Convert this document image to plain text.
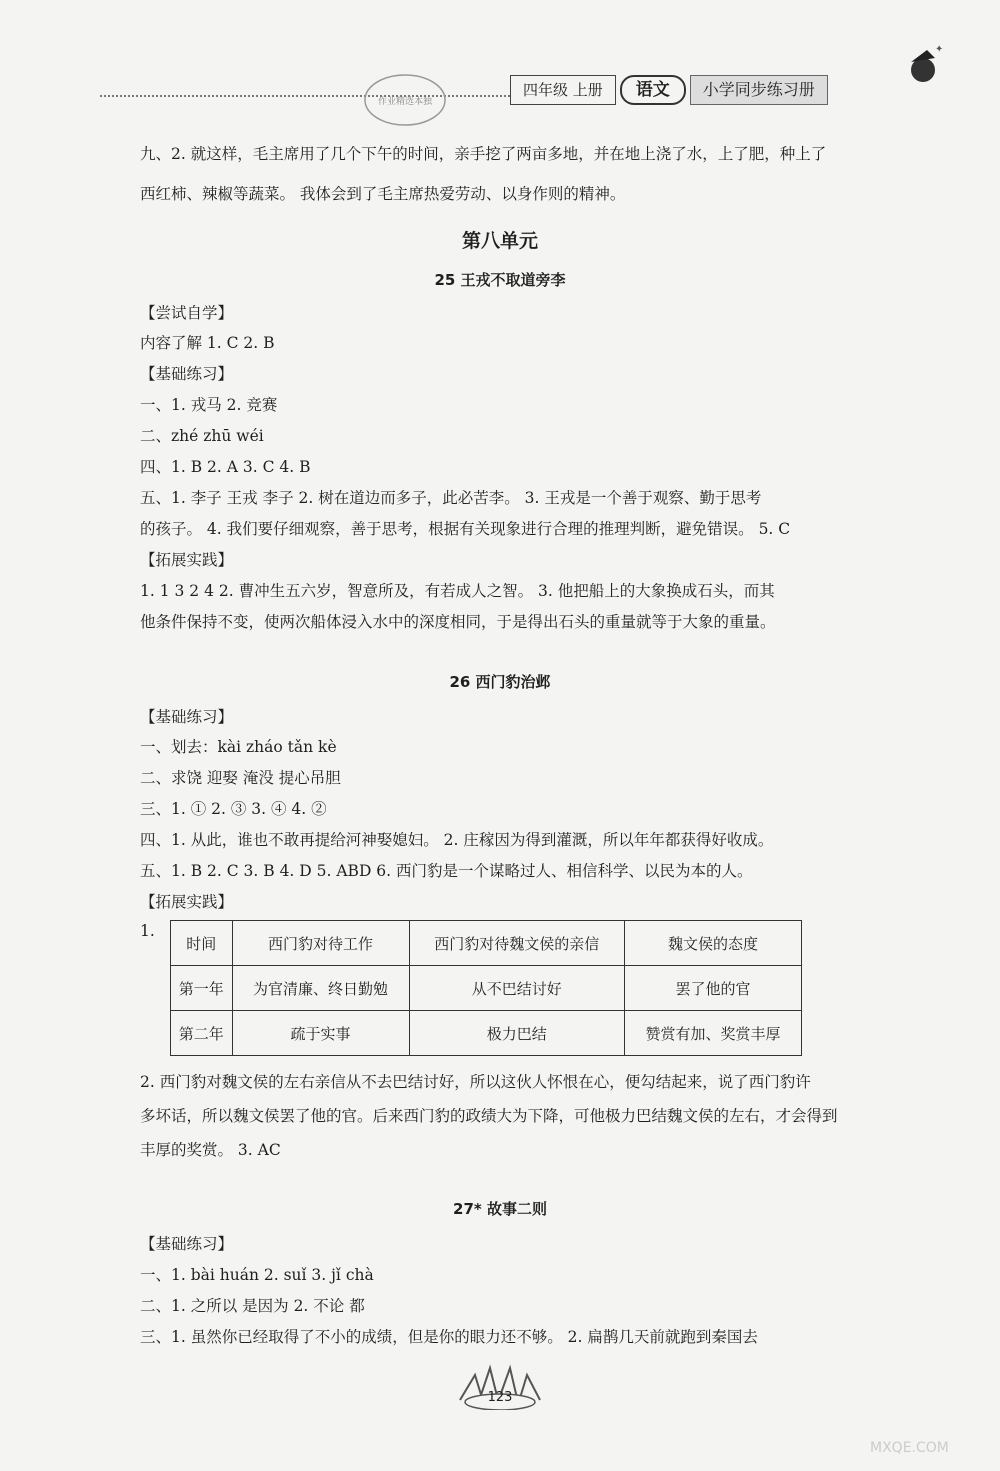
作业精选本独
四年级 上册	语文	小学同步练习册
✦
九、2. 就这样，毛主席用了几个下午的时间，亲手挖了两亩多地，并在地上浇了水，上了肥，种上了
西红柿、辣椒等蔬菜。 我体会到了毛主席热爱劳动、以身作则的精神。
第八单元
25 王戎不取道旁李
【尝试自学】
内容了解 1. C 2. B
【基础练习】
一、1. 戎马 2. 竞赛
二、zhé zhū wéi
四、1. B 2. A 3. C 4. B
五、1. 李子 王戎 李子 2. 树在道边而多子，此必苦李。 3. 王戎是一个善于观察、勤于思考
的孩子。 4. 我们要仔细观察，善于思考，根据有关现象进行合理的推理判断，避免错误。 5. C
【拓展实践】
1. 1 3 2 4 2. 曹冲生五六岁，智意所及，有若成人之智。 3. 他把船上的大象换成石头，而其
他条件保持不变，使两次船体浸入水中的深度相同，于是得出石头的重量就等于大象的重量。
26 西门豹治邺
【基础练习】
一、划去：kài zháo tǎn kè
二、求饶 迎娶 淹没 提心吊胆
三、1. ① 2. ③ 3. ④ 4. ②
四、1. 从此，谁也不敢再提给河神娶媳妇。 2. 庄稼因为得到灌溉，所以年年都获得好收成。
五、1. B 2. C 3. B 4. D 5. ABD 6. 西门豹是一个谋略过人、相信科学、以民为本的人。
【拓展实践】
1.
时间	西门豹对待工作	西门豹对待魏文侯的亲信	魏文侯的态度
第一年	为官清廉、终日勤勉	从不巴结讨好	罢了他的官
第二年	疏于实事	极力巴结	赞赏有加、奖赏丰厚
2. 西门豹对魏文侯的左右亲信从不去巴结讨好，所以这伙人怀恨在心，便勾结起来，说了西门豹许
多坏话，所以魏文侯罢了他的官。后来西门豹的政绩大为下降，可他极力巴结魏文侯的左右，才会得到
丰厚的奖赏。 3. AC
27* 故事二则
【基础练习】
一、1. bài huán 2. suǐ 3. jǐ chà
二、1. 之所以 是因为 2. 不论 都
三、1. 虽然你已经取得了不小的成绩，但是你的眼力还不够。 2. 扁鹊几天前就跑到秦国去
123
MXQE.COM
